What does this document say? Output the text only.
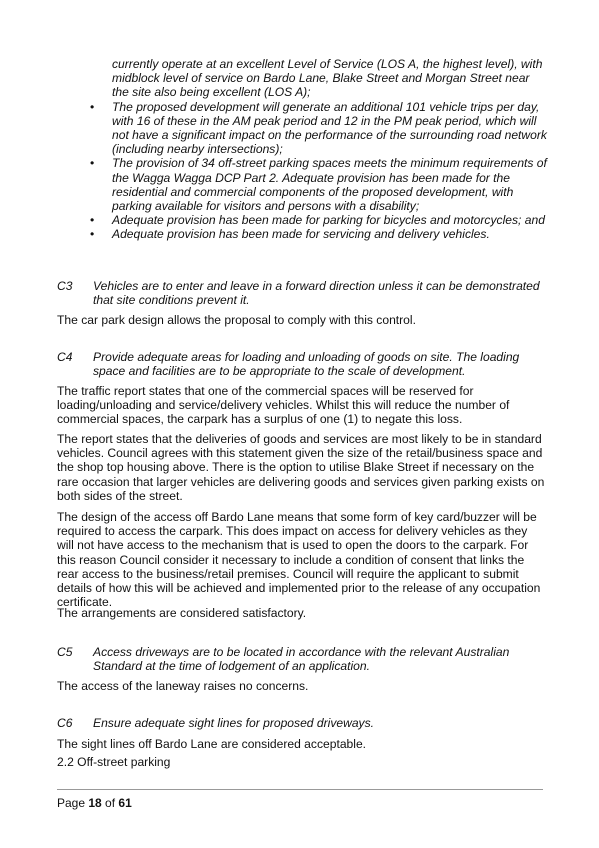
currently operate at an excellent Level of Service (LOS A, the highest level), with midblock level of service on Bardo Lane, Blake Street and Morgan Street near the site also being excellent (LOS A);
• The proposed development will generate an additional 101 vehicle trips per day, with 16 of these in the AM peak period and 12 in the PM peak period, which will not have a significant impact on the performance of the surrounding road network (including nearby intersections);
• The provision of 34 off-street parking spaces meets the minimum requirements of the Wagga Wagga DCP Part 2. Adequate provision has been made for the residential and commercial components of the proposed development, with parking available for visitors and persons with a disability;
• Adequate provision has been made for parking for bicycles and motorcycles; and
• Adequate provision has been made for servicing and delivery vehicles.
C3 Vehicles are to enter and leave in a forward direction unless it can be demonstrated that site conditions prevent it.

The car park design allows the proposal to comply with this control.

C4 Provide adequate areas for loading and unloading of goods on site. The loading space and facilities are to be appropriate to the scale of development.

The traffic report states that one of the commercial spaces will be reserved for loading/unloading and service/delivery vehicles. Whilst this will reduce the number of commercial spaces, the carpark has a surplus of one (1) to negate this loss.

The report states that the deliveries of goods and services are most likely to be in standard vehicles. Council agrees with this statement given the size of the retail/business space and the shop top housing above. There is the option to utilise Blake Street if necessary on the rare occasion that larger vehicles are delivering goods and services given parking exists on both sides of the street.

The design of the access off Bardo Lane means that some form of key card/buzzer will be required to access the carpark. This does impact on access for delivery vehicles as they will not have access to the mechanism that is used to open the doors to the carpark. For this reason Council consider it necessary to include a condition of consent that links the rear access to the business/retail premises. Council will require the applicant to submit details of how this will be achieved and implemented prior to the release of any occupation certificate.

The arrangements are considered satisfactory.

C5 Access driveways are to be located in accordance with the relevant Australian Standard at the time of lodgement of an application.

The access of the laneway raises no concerns.

C6 Ensure adequate sight lines for proposed driveways.

The sight lines off Bardo Lane are considered acceptable.

2.2 Off-street parking

Page 18 of 61
